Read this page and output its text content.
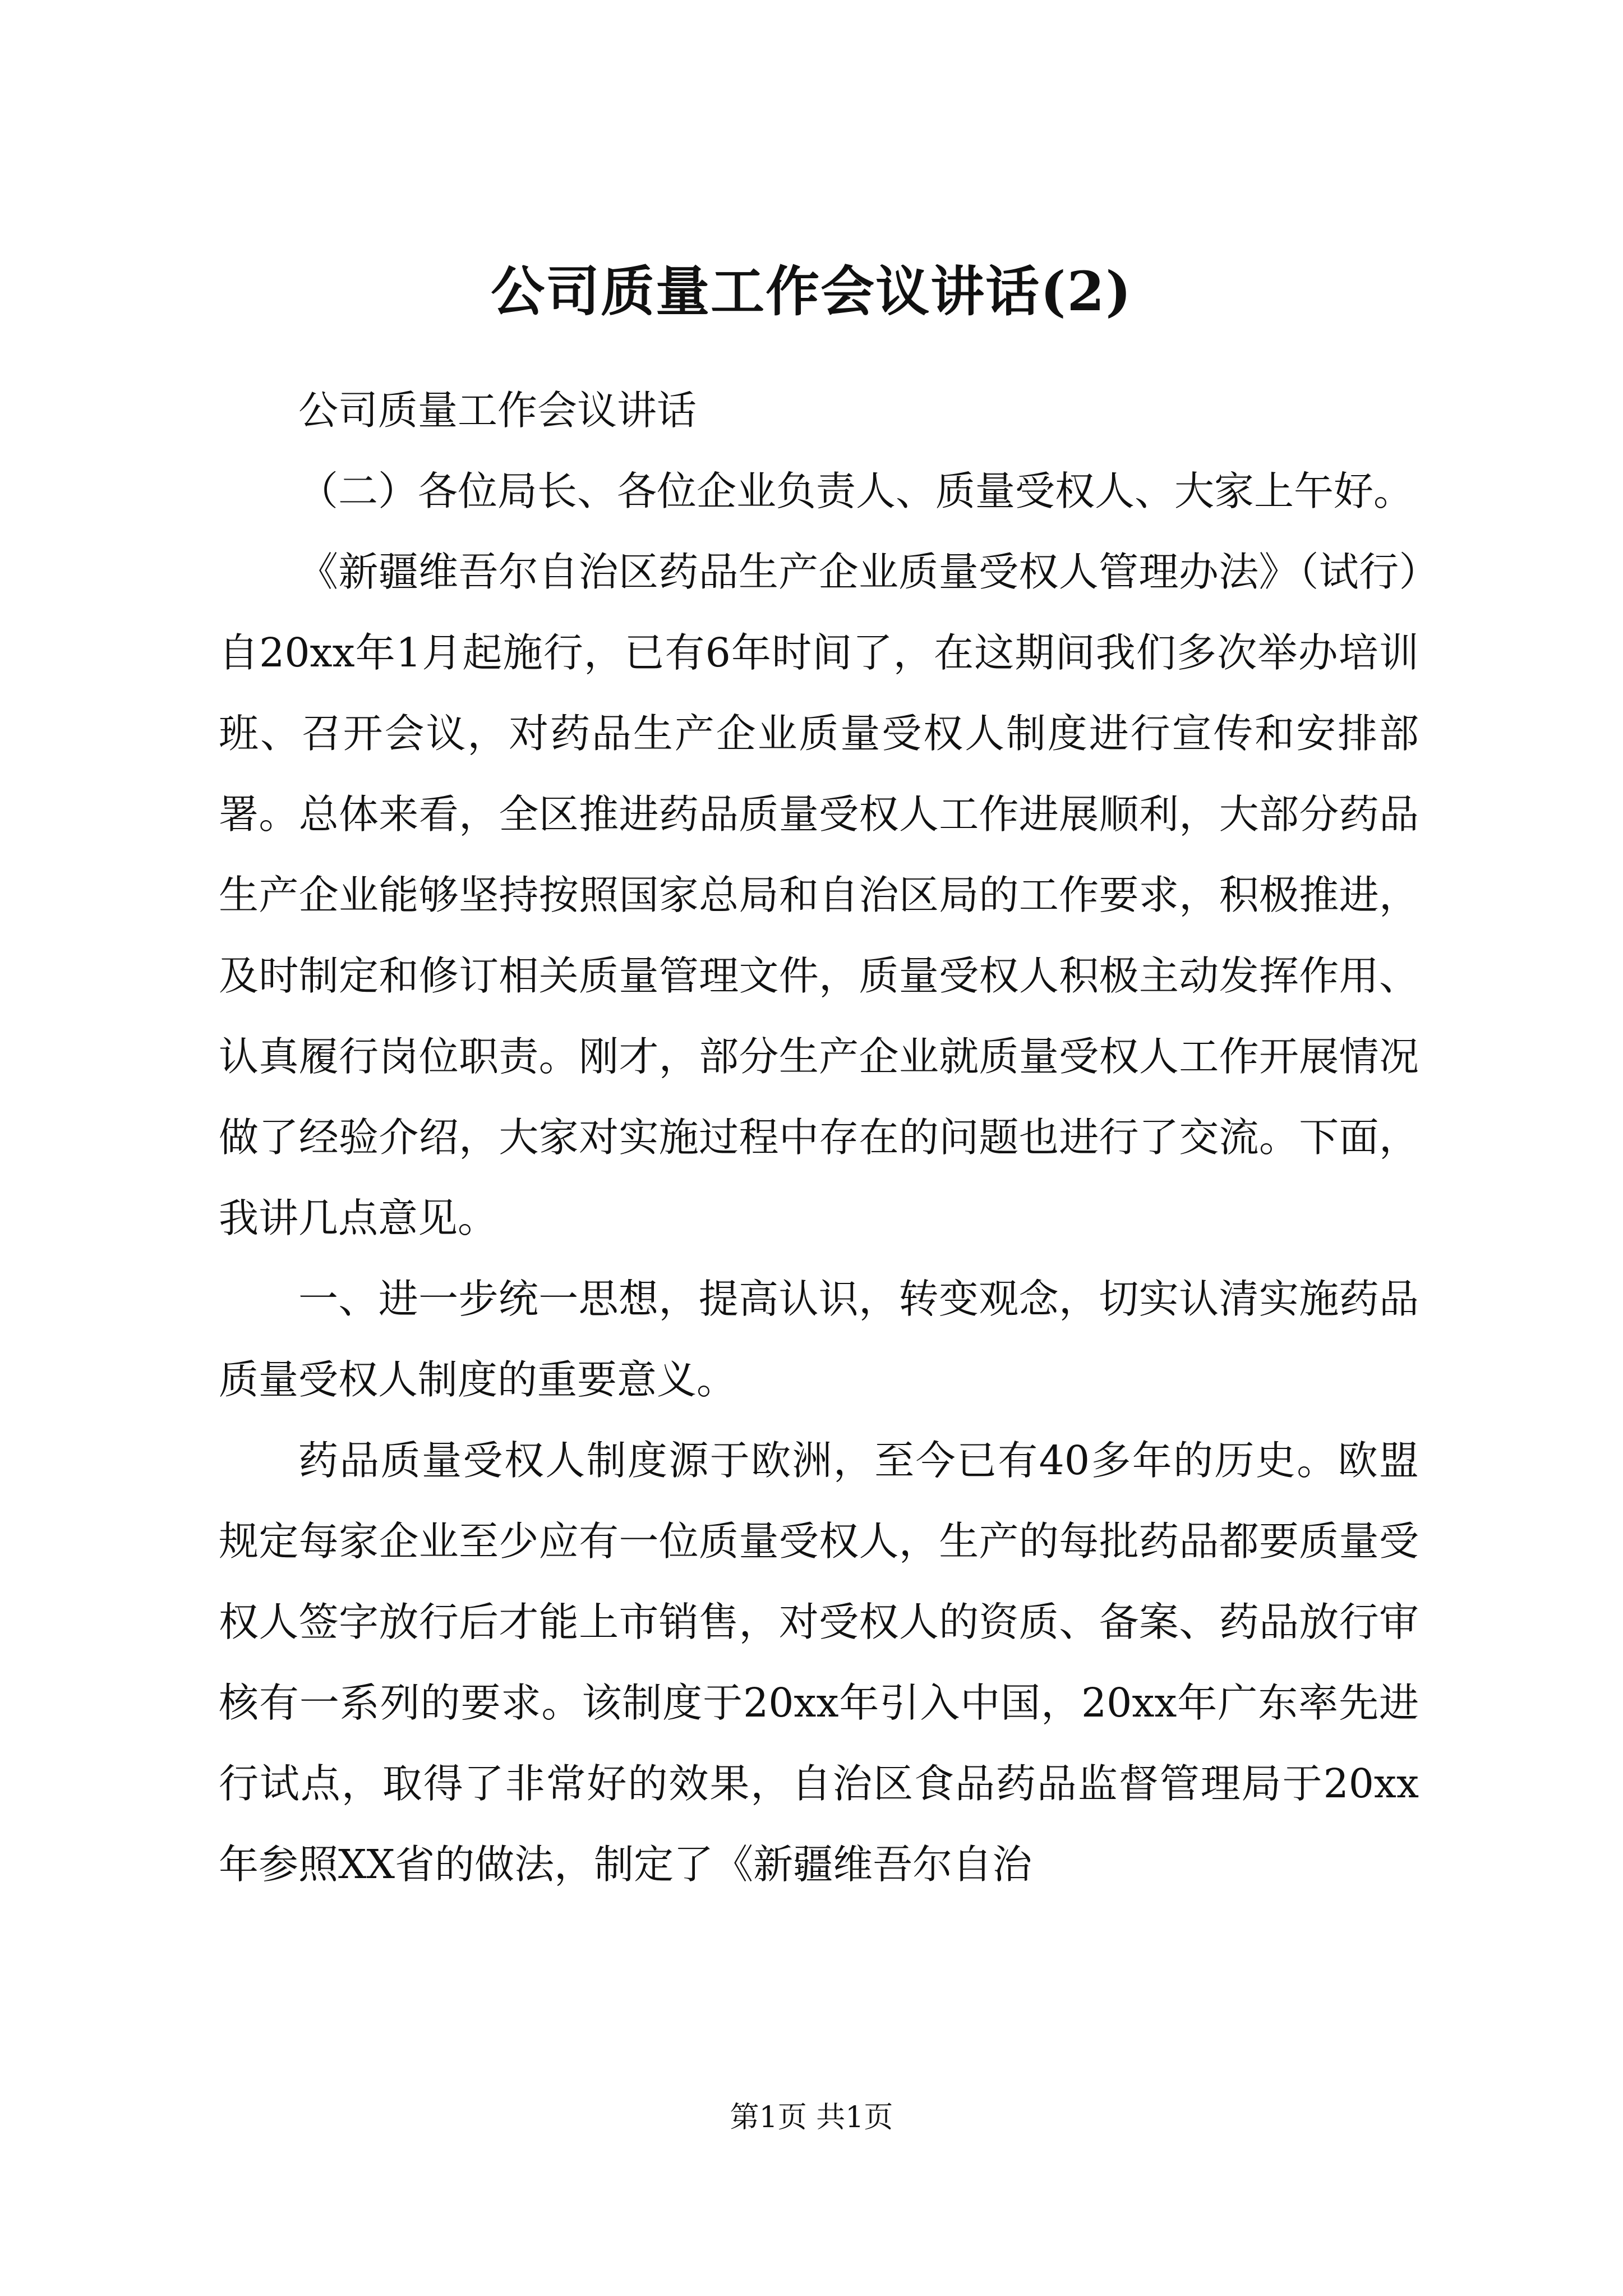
公司质量工作会议讲话(2)

公司质量工作会议讲话

（二）各位局长、各位企业负责人、质量受权人、大家上午好。

《新疆维吾尔自治区药品生产企业质量受权人管理办法》（试行）自20xx年1月起施行，已有6年时间了，在这期间我们多次举办培训班、召开会议，对药品生产企业质量受权人制度进行宣传和安排部署。总体来看，全区推进药品质量受权人工作进展顺利，大部分药品生产企业能够坚持按照国家总局和自治区局的工作要求，积极推进，及时制定和修订相关质量管理文件，质量受权人积极主动发挥作用、认真履行岗位职责。刚才，部分生产企业就质量受权人工作开展情况做了经验介绍，大家对实施过程中存在的问题也进行了交流。下面，我讲几点意见。

一、进一步统一思想，提高认识，转变观念，切实认清实施药品质量受权人制度的重要意义。

药品质量受权人制度源于欧洲，至今已有40多年的历史。欧盟规定每家企业至少应有一位质量受权人，生产的每批药品都要质量受权人签字放行后才能上市销售，对受权人的资质、备案、药品放行审核有一系列的要求。该制度于20xx年引入中国，20xx年广东率先进行试点，取得了非常好的效果，自治区食品药品监督管理局于20xx年参照XX省的做法，制定了《新疆维吾尔自治

第1页 共1页
